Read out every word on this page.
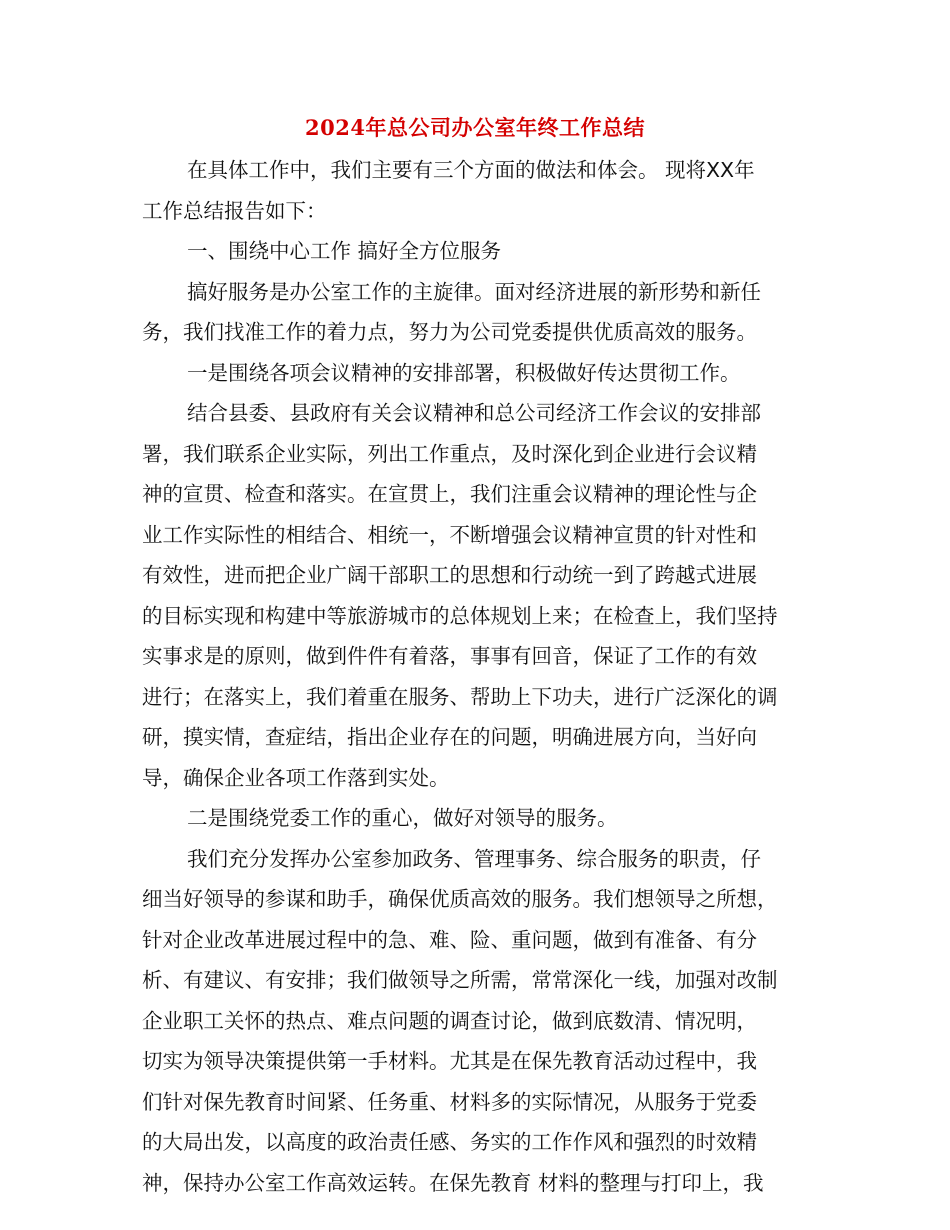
2024年总公司办公室年终工作总结
在具体工作中，我们主要有三个方面的做法和体会。 现将XX年
工作总结报告如下：
一、围绕中心工作 搞好全方位服务
搞好服务是办公室工作的主旋律。面对经济进展的新形势和新任
务，我们找准工作的着力点，努力为公司党委提供优质高效的服务。
一是围绕各项会议精神的安排部署，积极做好传达贯彻工作。
结合县委、县政府有关会议精神和总公司经济工作会议的安排部
署，我们联系企业实际，列出工作重点，及时深化到企业进行会议精
神的宣贯、检查和落实。在宣贯上，我们注重会议精神的理论性与企
业工作实际性的相结合、相统一，不断增强会议精神宣贯的针对性和
有效性，进而把企业广阔干部职工的思想和行动统一到了跨越式进展
的目标实现和构建中等旅游城市的总体规划上来；在检查上，我们坚持
实事求是的原则，做到件件有着落，事事有回音，保证了工作的有效
进行；在落实上，我们着重在服务、帮助上下功夫，进行广泛深化的调
研，摸实情，查症结，指出企业存在的问题，明确进展方向，当好向
导，确保企业各项工作落到实处。
二是围绕党委工作的重心，做好对领导的服务。
我们充分发挥办公室参加政务、管理事务、综合服务的职责，仔
细当好领导的参谋和助手，确保优质高效的服务。我们想领导之所想，
针对企业改革进展过程中的急、难、险、重问题，做到有准备、有分
析、有建议、有安排；我们做领导之所需，常常深化一线，加强对改制
企业职工关怀的热点、难点问题的调查讨论，做到底数清、情况明，
切实为领导决策提供第一手材料。尤其是在保先教育活动过程中，我
们针对保先教育时间紧、任务重、材料多的实际情况，从服务于党委
的大局出发，以高度的政治责任感、务实的工作作风和强烈的时效精
神，保持办公室工作高效运转。在保先教育 材料的整理与打印上，我
